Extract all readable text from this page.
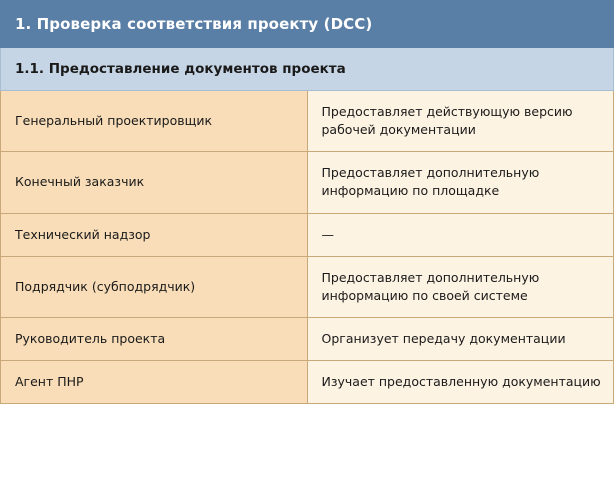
1. Проверка соответствия проекту (DCC)	
1.1. Предоставление документов проекта	
Генеральный проектировщик	Предоставляет действующую версию рабочей документации
Конечный заказчик	Предоставляет дополнительную информацию по площадке
Технический надзор	—
Подрядчик (субподрядчик)	Предоставляет дополнительную информацию по своей системе
Руководитель проекта	Организует передачу документации
Агент ПНР	Изучает предоставленную документацию
